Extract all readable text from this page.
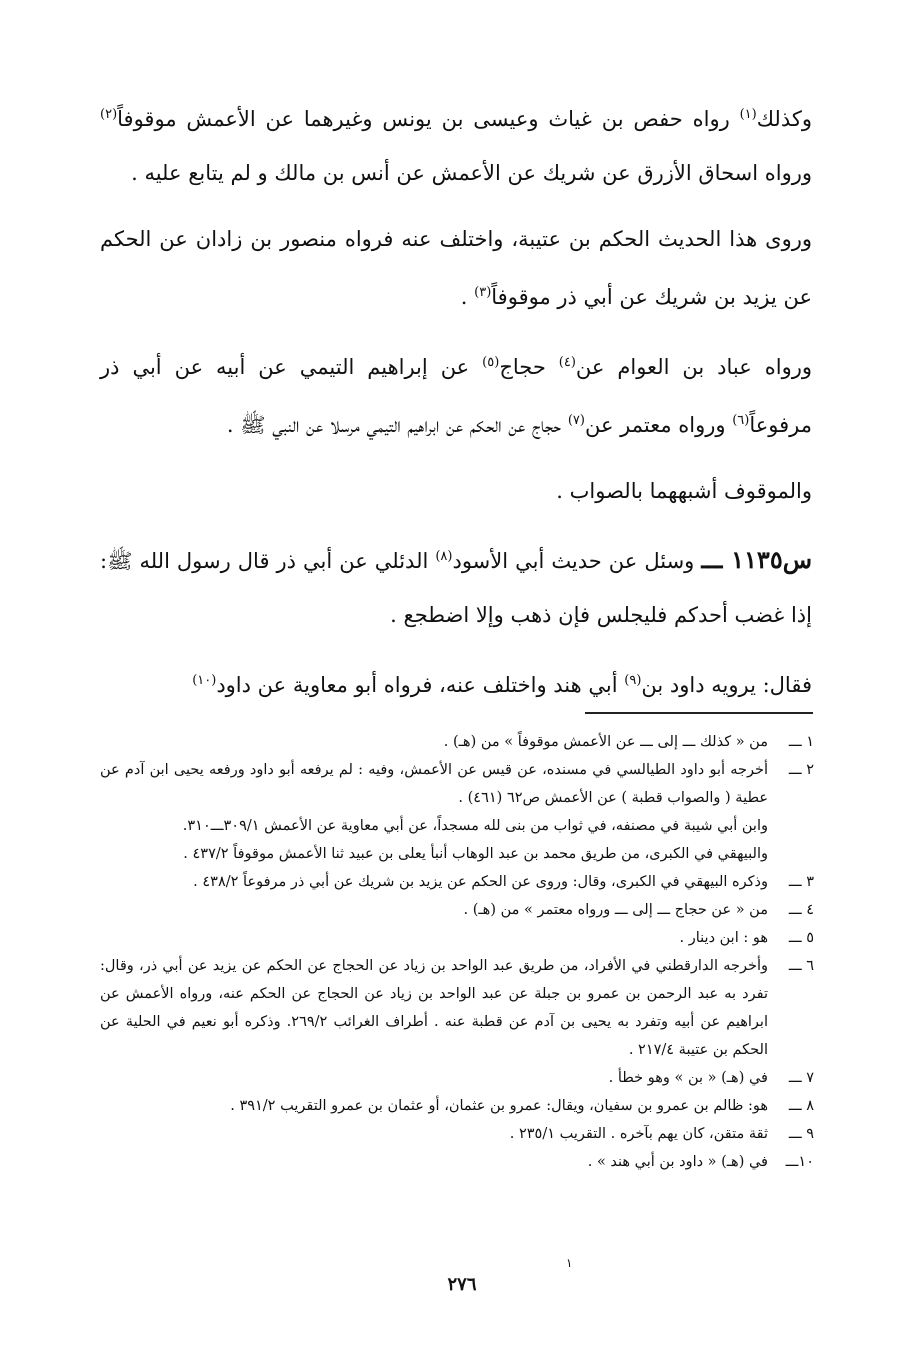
وكذلك$^{(١)}$ رواه حفص بن غياث وعيسى بن يونس وغيرهما عن الأعمش موقوفاً$^{(٢)}$ ورواه اسحاق الأزرق عن شريك عن الأعمش عن أنس بن مالك و لم يتابع عليه .

وروى هذا الحديث الحكم بن عتيبة، واختلف عنه فرواه منصور بن زادان عن الحكم عن يزيد بن شريك عن أبي ذر موقوفاً$^{(٣)}$ .

ورواه عباد بن العوام عن$^{(٤)}$ حجاج$^{(٥)}$ عن إبراهيم التيمي عن أبيه عن أبي ذر مرفوعاً$^{(٦)}$ ورواه معتمر عن$^{(٧)}$ حجاج عن الحكم عن ابراهيم التيمي مرسلا عن النبي ﷺ .

والموقوف أشبههما بالصواب .

س١١٣٥ ـــ وسئل عن حديث أبي الأسود$^{(٨)}$ الدئلي عن أبي ذر قال رسول الله ﷺ: إذا غضب أحدكم فليجلس فإن ذهب وإلا اضطجع .

فقال: يرويه داود بن$^{(٩)}$ أبي هند واختلف عنه، فرواه أبو معاوية عن داود$^{(١٠)}$

١ ـــ
من « كذلك ـــ إلى ـــ عن الأعمش موقوفاً » من (هـ) .
٢ ـــ
أخرجه أبو داود الطيالسي في مسنده، عن قيس عن الأعمش، وفيه : لم يرفعه أبو داود ورفعه يحيى ابن آدم عن عطية ( والصواب قطبة ) عن الأعمش ص٦٢ (٤٦١) .
وابن أبي شيبة في مصنفه، في ثواب من بنى لله مسجداً، عن أبي معاوية عن الأعمش ٣٠٩/١ـــ٣١٠.
والبيهقي في الكبرى، من طريق محمد بن عبد الوهاب أنبأ يعلى بن عبيد ثنا الأعمش موقوفاً ٤٣٧/٢ .
٣ ـــ
وذكره البيهقي في الكبرى، وقال: وروى عن الحكم عن يزيد بن شريك عن أبي ذر مرفوعاً ٤٣٨/٢ .
٤ ـــ
من « عن حجاج ـــ إلى ـــ ورواه معتمر » من (هـ) .
٥ ـــ
هو : ابن دينار .
٦ ـــ
وأخرجه الدارقطني في الأفراد، من طريق عبد الواحد بن زياد عن الحجاج عن الحكم عن يزيد عن أبي ذر، وقال: تفرد به عبد الرحمن بن عمرو بن جبلة عن عبد الواحد بن زياد عن الحجاج عن الحكم عنه، ورواه الأعمش عن ابراهيم عن أبيه وتفرد به يحيى بن آدم عن قطبة عنه . أطراف الغرائب ٢٦٩/٢. وذكره أبو نعيم في الحلية عن الحكم بن عتيبة ٢١٧/٤ .
٧ ـــ
في (هـ) « بن » وهو خطأ .
٨ ـــ
هو: ظالم بن عمرو بن سفيان، ويقال: عمرو بن عثمان، أو عثمان بن عمرو التقريب ٣٩١/٢ .
٩ ـــ
ثقة متقن، كان يهم بآخره . التقريب ٢٣٥/١ .
١٠ـــ
في (هـ) « داود بن أبي هند » .
١
٢٧٦
